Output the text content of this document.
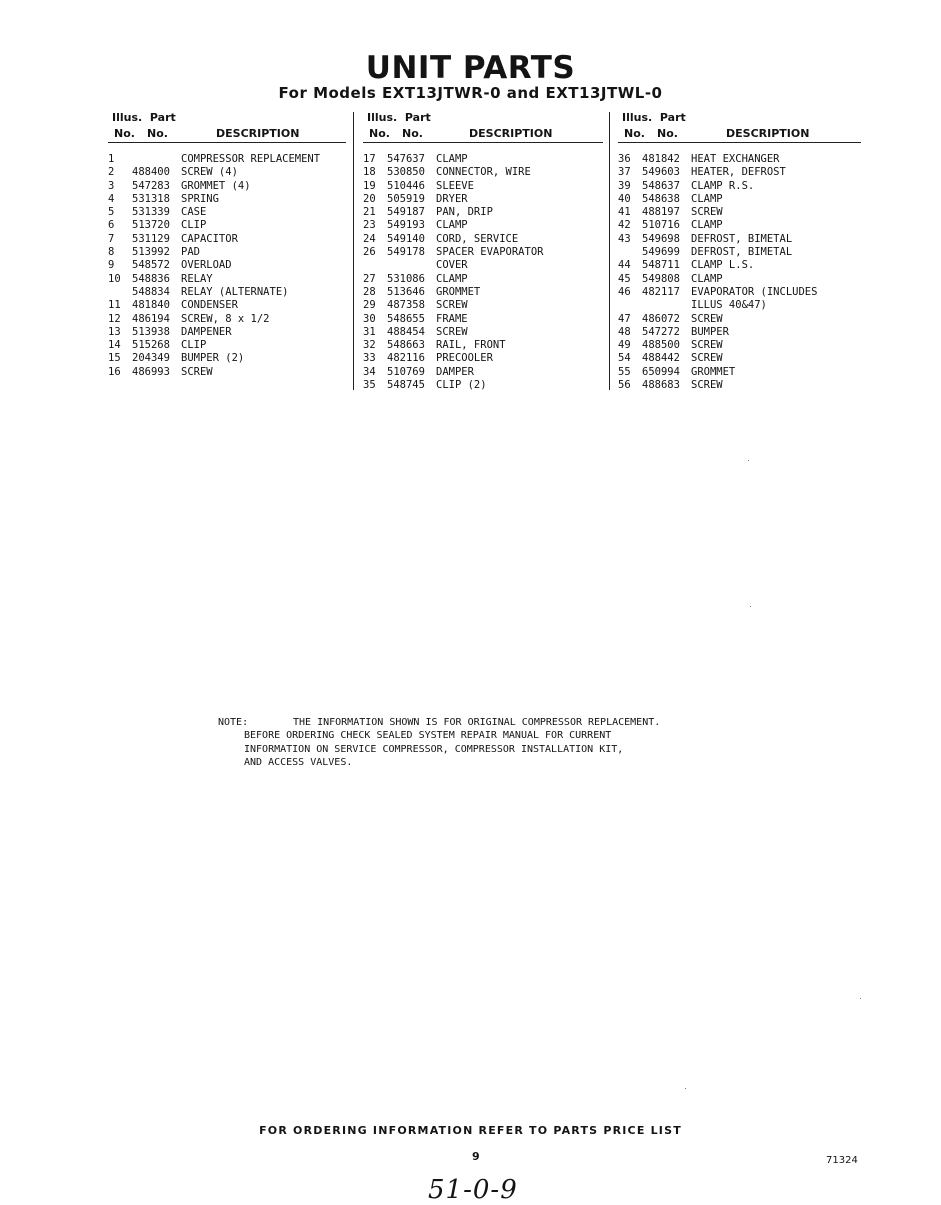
UNIT PARTS
For Models EXT13JTWR-0 and EXT13JTWL-0
Illus. Part
No. No.	DESCRIPTION
1	COMPRESSOR REPLACEMENT
2	488400 SCREW (4)
3	547283 GROMMET (4)
4	531318 SPRING
5	531339 CASE
6	513720 CLIP
7	531129 CAPACITOR
8	513992 PAD
9	548572 OVERLOAD
10	548836 RELAY
548834 RELAY (ALTERNATE)
11	481840 CONDENSER
12	486194 SCREW, 8 x 1/2
13	513938 DAMPENER
14	515268 CLIP
15	204349 BUMPER (2)
16	486993 SCREW
Illus. Part
No. No.	DESCRIPTION
17	547637 CLAMP
18	530850 CONNECTOR, WIRE
19	510446 SLEEVE
20	505919 DRYER
21	549187 PAN, DRIP
23	549193 CLAMP
24	549140 CORD, SERVICE
26	549178 SPACER EVAPORATOR
COVER
27	531086 CLAMP
28	513646 GROMMET
29	487358 SCREW
30	548655 FRAME
31	488454 SCREW
32	548663 RAIL, FRONT
33	482116 PRECOOLER
34	510769 DAMPER
35	548745 CLIP (2)
Illus. Part
No. No.	DESCRIPTION
36	481842 HEAT EXCHANGER
37	549603 HEATER, DEFROST
39	548637 CLAMP R.S.
40	548638 CLAMP
41	488197 SCREW
42	510716 CLAMP
43	549698 DEFROST, BIMETAL
549699 DEFROST, BIMETAL
44	548711 CLAMP L.S.
45	549808 CLAMP
46	482117 EVAPORATOR (INCLUDES
ILLUS 40&47)
47	486072 SCREW
48	547272 BUMPER
49	488500 SCREW
54	488442 SCREW
55	650994 GROMMET
56	488683 SCREW
NOTE:	THE INFORMATION SHOWN IS FOR ORIGINAL COMPRESSOR REPLACEMENT.
BEFORE ORDERING CHECK SEALED SYSTEM REPAIR MANUAL FOR CURRENT
INFORMATION ON SERVICE COMPRESSOR, COMPRESSOR INSTALLATION KIT,
AND ACCESS VALVES.
FOR ORDERING INFORMATION REFER TO PARTS PRICE LIST
9	71324
51-0-9
